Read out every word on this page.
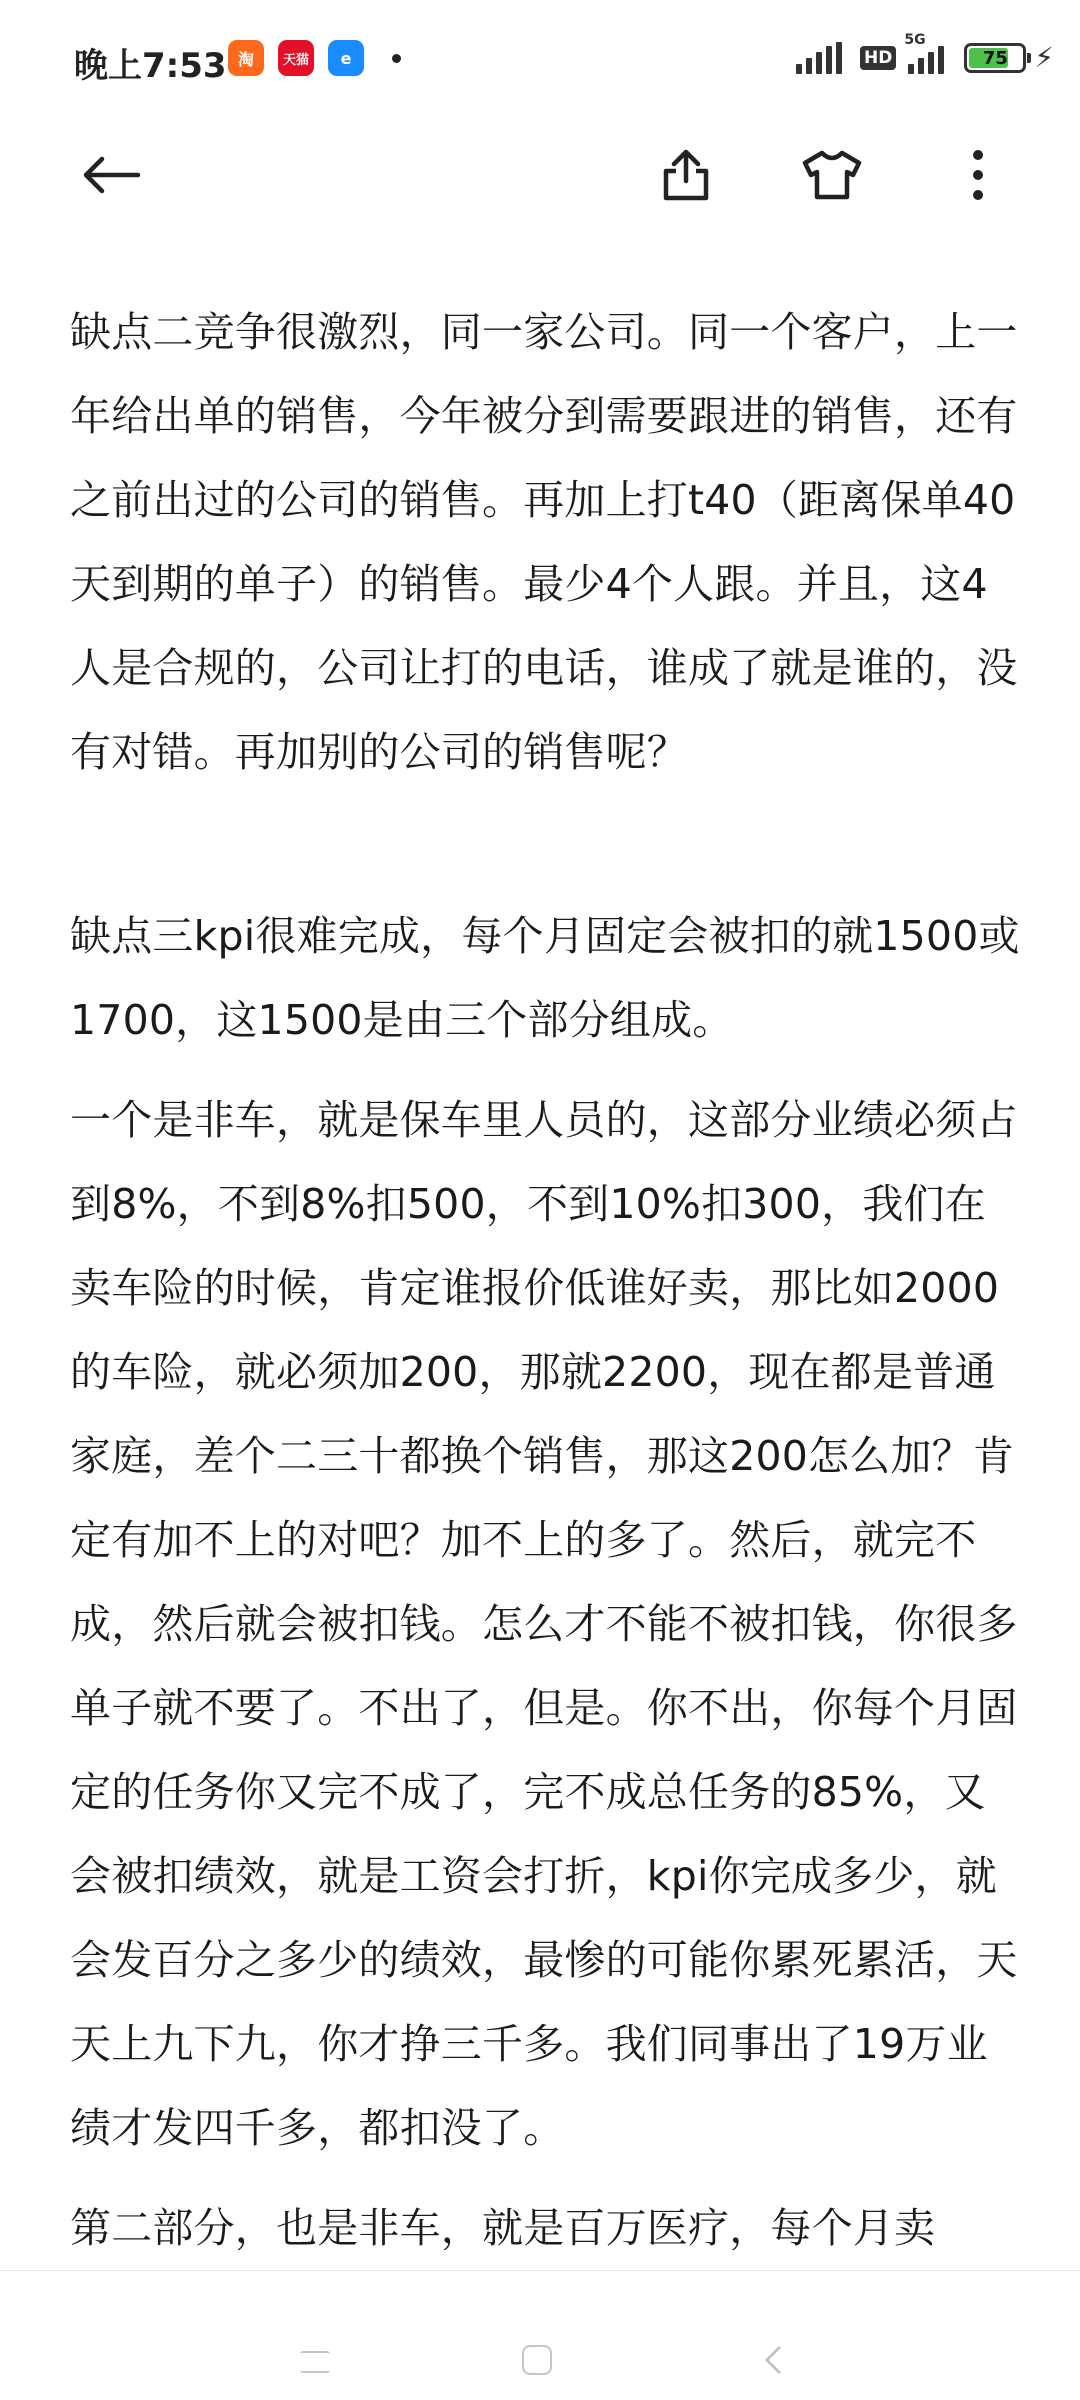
晚上7:53 淘	天猫	e	HD
5G
75 ⚡

缺点二竞争很激烈，同一家公司。同一个客户，上一年给出单的销售，今年被分到需要跟进的销售，还有之前出过的公司的销售。再加上打t40（距离保单40天到期的单子）的销售。最少4个人跟。并且，这4人是合规的，公司让打的电话，谁成了就是谁的，没有对错。再加别的公司的销售呢？

缺点三kpi很难完成，每个月固定会被扣的就1500或1700，这1500是由三个部分组成。

一个是非车，就是保车里人员的，这部分业绩必须占到8%，不到8%扣500，不到10%扣300，我们在卖车险的时候，肯定谁报价低谁好卖，那比如2000的车险，就必须加200，那就2200，现在都是普通家庭，差个二三十都换个销售，那这200怎么加？肯定有加不上的对吧？加不上的多了。然后，就完不成，然后就会被扣钱。怎么才不能不被扣钱，你很多单子就不要了。不出了，但是。你不出，你每个月固定的任务你又完不成了，完不成总任务的85%，又会被扣绩效，就是工资会打折，kpi你完成多少，就会发百分之多少的绩效，最惨的可能你累死累活，天天上九下九，你才挣三千多。我们同事出了19万业绩才发四千多，都扣没了。

第二部分，也是非车，就是百万医疗，每个月卖
